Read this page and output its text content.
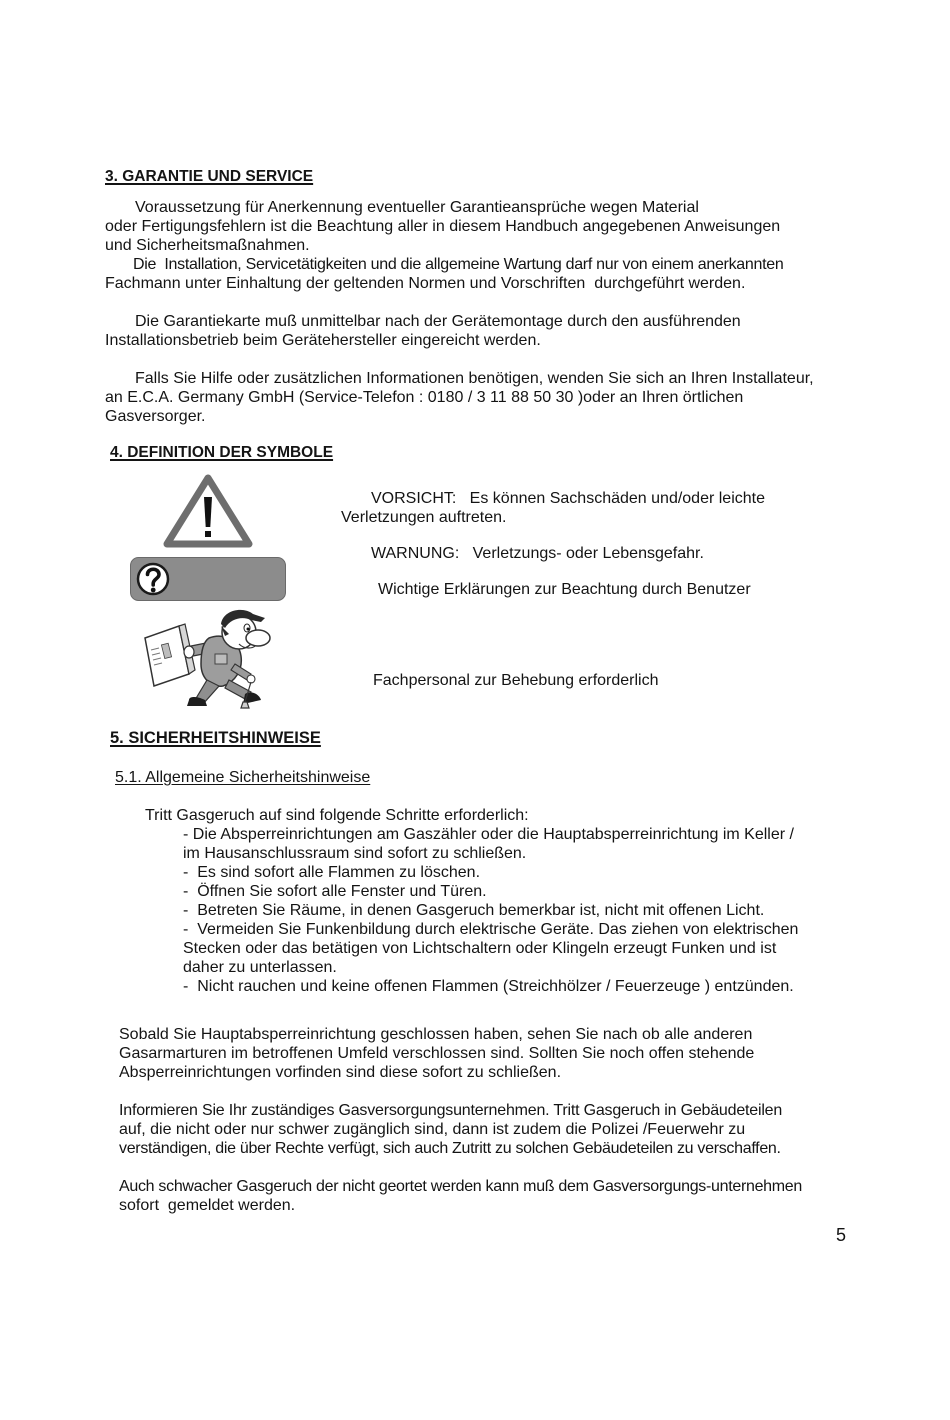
3. GARANTIE UND SERVICE
Voraussetzung für Anerkennung eventueller Garantieansprüche wegen Material
oder Fertigungsfehlern ist die Beachtung aller in diesem Handbuch angegebenen Anweisungen
und Sicherheitsmaßnahmen.
Die  Installation, Servicetätigkeiten und die allgemeine Wartung darf nur von einem anerkannten
Fachmann unter Einhaltung der geltenden Normen und Vorschriften  durchgeführt werden.
Die Garantiekarte muß unmittelbar nach der Gerätemontage durch den ausführenden
Installationsbetrieb beim Gerätehersteller eingereicht werden.
Falls Sie Hilfe oder zusätzlichen Informationen benötigen, wenden Sie sich an Ihren Installateur,
an E.C.A. Germany GmbH (Service-Telefon : 0180 / 3 11 88 50 30 )oder an Ihren örtlichen
Gasversorger.
4. DEFINITION DER SYMBOLE
VORSICHT:   Es können Sachschäden und/oder leichte
Verletzungen auftreten.
WARNUNG:   Verletzungs- oder Lebensgefahr.
Wichtige Erklärungen zur Beachtung durch Benutzer
Fachpersonal zur Behebung erforderlich
5. SICHERHEITSHINWEISE
5.1. Allgemeine Sicherheitshinweise
Tritt Gasgeruch auf sind folgende Schritte erforderlich:
- Die Absperreinrichtungen am Gaszähler oder die Hauptabsperreinrichtung im Keller /
im Hausanschlussraum sind sofort zu schließen.
-  Es sind sofort alle Flammen zu löschen.
-  Öffnen Sie sofort alle Fenster und Türen.
-  Betreten Sie Räume, in denen Gasgeruch bemerkbar ist, nicht mit offenen Licht.
-  Vermeiden Sie Funkenbildung durch elektrische Geräte. Das ziehen von elektrischen
Stecken oder das betätigen von Lichtschaltern oder Klingeln erzeugt Funken und ist
daher zu unterlassen.
-  Nicht rauchen und keine offenen Flammen (Streichhölzer / Feuerzeuge ) entzünden.
Sobald Sie Hauptabsperreinrichtung geschlossen haben, sehen Sie nach ob alle anderen
Gasarmarturen im betroffenen Umfeld verschlossen sind. Sollten Sie noch offen stehende
Absperreinrichtungen vorfinden sind diese sofort zu schließen.
Informieren Sie Ihr zuständiges Gasversorgungsunternehmen. Tritt Gasgeruch in Gebäudeteilen
auf, die nicht oder nur schwer zugänglich sind, dann ist zudem die Polizei /Feuerwehr zu
verständigen, die über Rechte verfügt, sich auch Zutritt zu solchen Gebäudeteilen zu verschaffen.
Auch schwacher Gasgeruch der nicht geortet werden kann muß dem Gasversorgungs-unternehmen
sofort  gemeldet werden.
5
